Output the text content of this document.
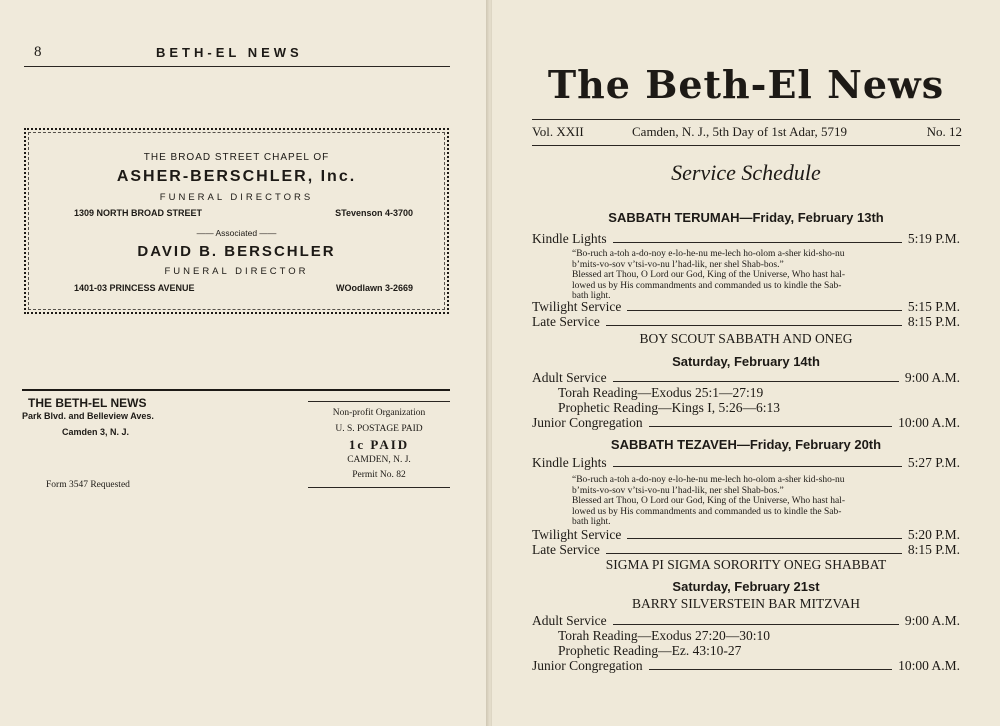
8	BETH-EL NEWS
THE BROAD STREET CHAPEL OF
ASHER-BERSCHLER, Inc.
FUNERAL DIRECTORS
1309 NORTH BROAD STREET	STevenson 4-3700
—— Associated ——
DAVID B. BERSCHLER
FUNERAL DIRECTOR
1401-03 PRINCESS AVENUE	WOodlawn 3-2669
THE BETH-EL NEWS
Park Blvd. and Belleview Aves.
Camden 3, N. J.
Form 3547 Requested
Non-profit Organization
U. S. POSTAGE PAID
1c PAID
CAMDEN, N. J.
Permit No. 82
The Beth-El News
Vol. XXII	Camden, N. J., 5th Day of 1st Adar, 5719	No. 12
Service Schedule
SABBATH TERUMAH—Friday, February 13th
Kindle Lights	5:19 P.M.
“Bo-ruch a-toh a-do-noy e-lo-he-nu me-lech ho-olom a-sher kid-sho-nu
b’mits-vo-sov v’tsi-vo-nu l’had-lik, ner shel Shab-bos.”
Blessed art Thou, O Lord our God, King of the Universe, Who hast hal-
lowed us by His commandments and commanded us to kindle the Sab-
bath light.
Twilight Service	5:15 P.M.
Late Service	8:15 P.M.
BOY SCOUT SABBATH AND ONEG
Saturday, February 14th
Adult Service	9:00 A.M.
Torah Reading—Exodus 25:1—27:19
Prophetic Reading—Kings I, 5:26—6:13
Junior Congregation	10:00 A.M.
SABBATH TEZAVEH—Friday, February 20th
Kindle Lights	5:27 P.M.
“Bo-ruch a-toh a-do-noy e-lo-he-nu me-lech ho-olom a-sher kid-sho-nu
b’mits-vo-sov v’tsi-vo-nu l’had-lik, ner shel Shab-bos.”
Blessed art Thou, O Lord our God, King of the Universe, Who hast hal-
lowed us by His commandments and commanded us to kindle the Sab-
bath light.
Twilight Service	5:20 P.M.
Late Service	8:15 P.M.
SIGMA PI SIGMA SORORITY ONEG SHABBAT
Saturday, February 21st
BARRY SILVERSTEIN BAR MITZVAH
Adult Service	9:00 A.M.
Torah Reading—Exodus 27:20—30:10
Prophetic Reading—Ez. 43:10-27
Junior Congregation	10:00 A.M.
